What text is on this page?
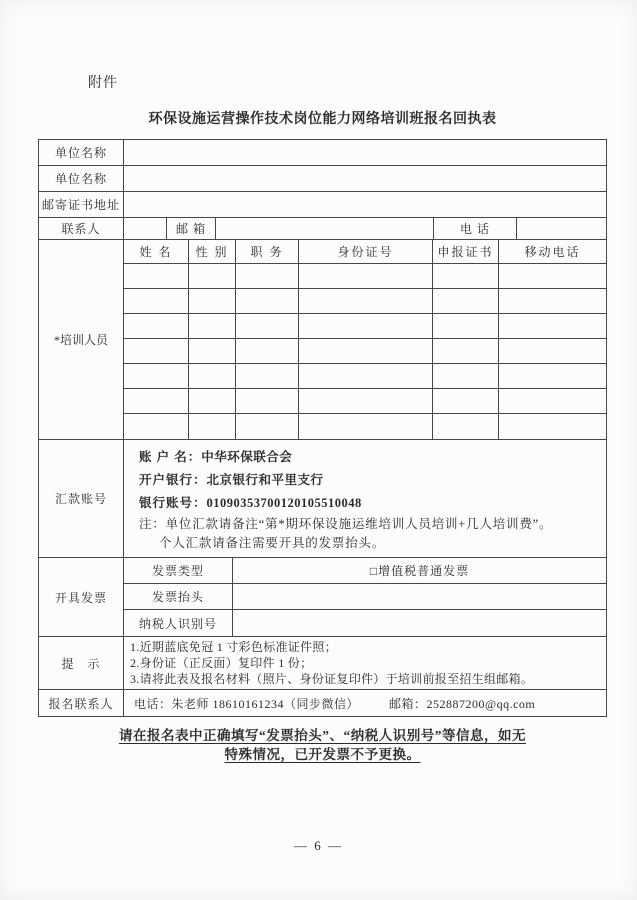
附件
环保设施运营操作技术岗位能力网络培训班报名回执表
单位名称
单位名称
邮寄证书地址
联系人	邮 箱	电 话
*培训人员
姓 名	性 别	职 务	身份证号	申报证书	移动电话
汇款账号
账 户 名：中华环保联合会
开户银行：北京银行和平里支行
银行账号：01090353700120105510048
注：单位汇款请备注“第*期环保设施运维培训人员培训+几人培训费”。
个人汇款请备注需要开具的发票抬头。
开具发票
发票类型	□增值税普通发票
发票抬头
纳税人识别号
提　示
1.近期蓝底免冠 1 寸彩色标准证件照；
2.身份证（正反面）复印件 1 份；
3.请将此表及报名材料（照片、身份证复印件）于培训前报至招生组邮箱。
报名联系人	电话：朱老师 18610161234（同步微信）	邮箱：252887200@qq.com
请在报名表中正确填写“发票抬头”、“纳税人识别号”等信息，如无
特殊情况，已开发票不予更换。
— 6 —
